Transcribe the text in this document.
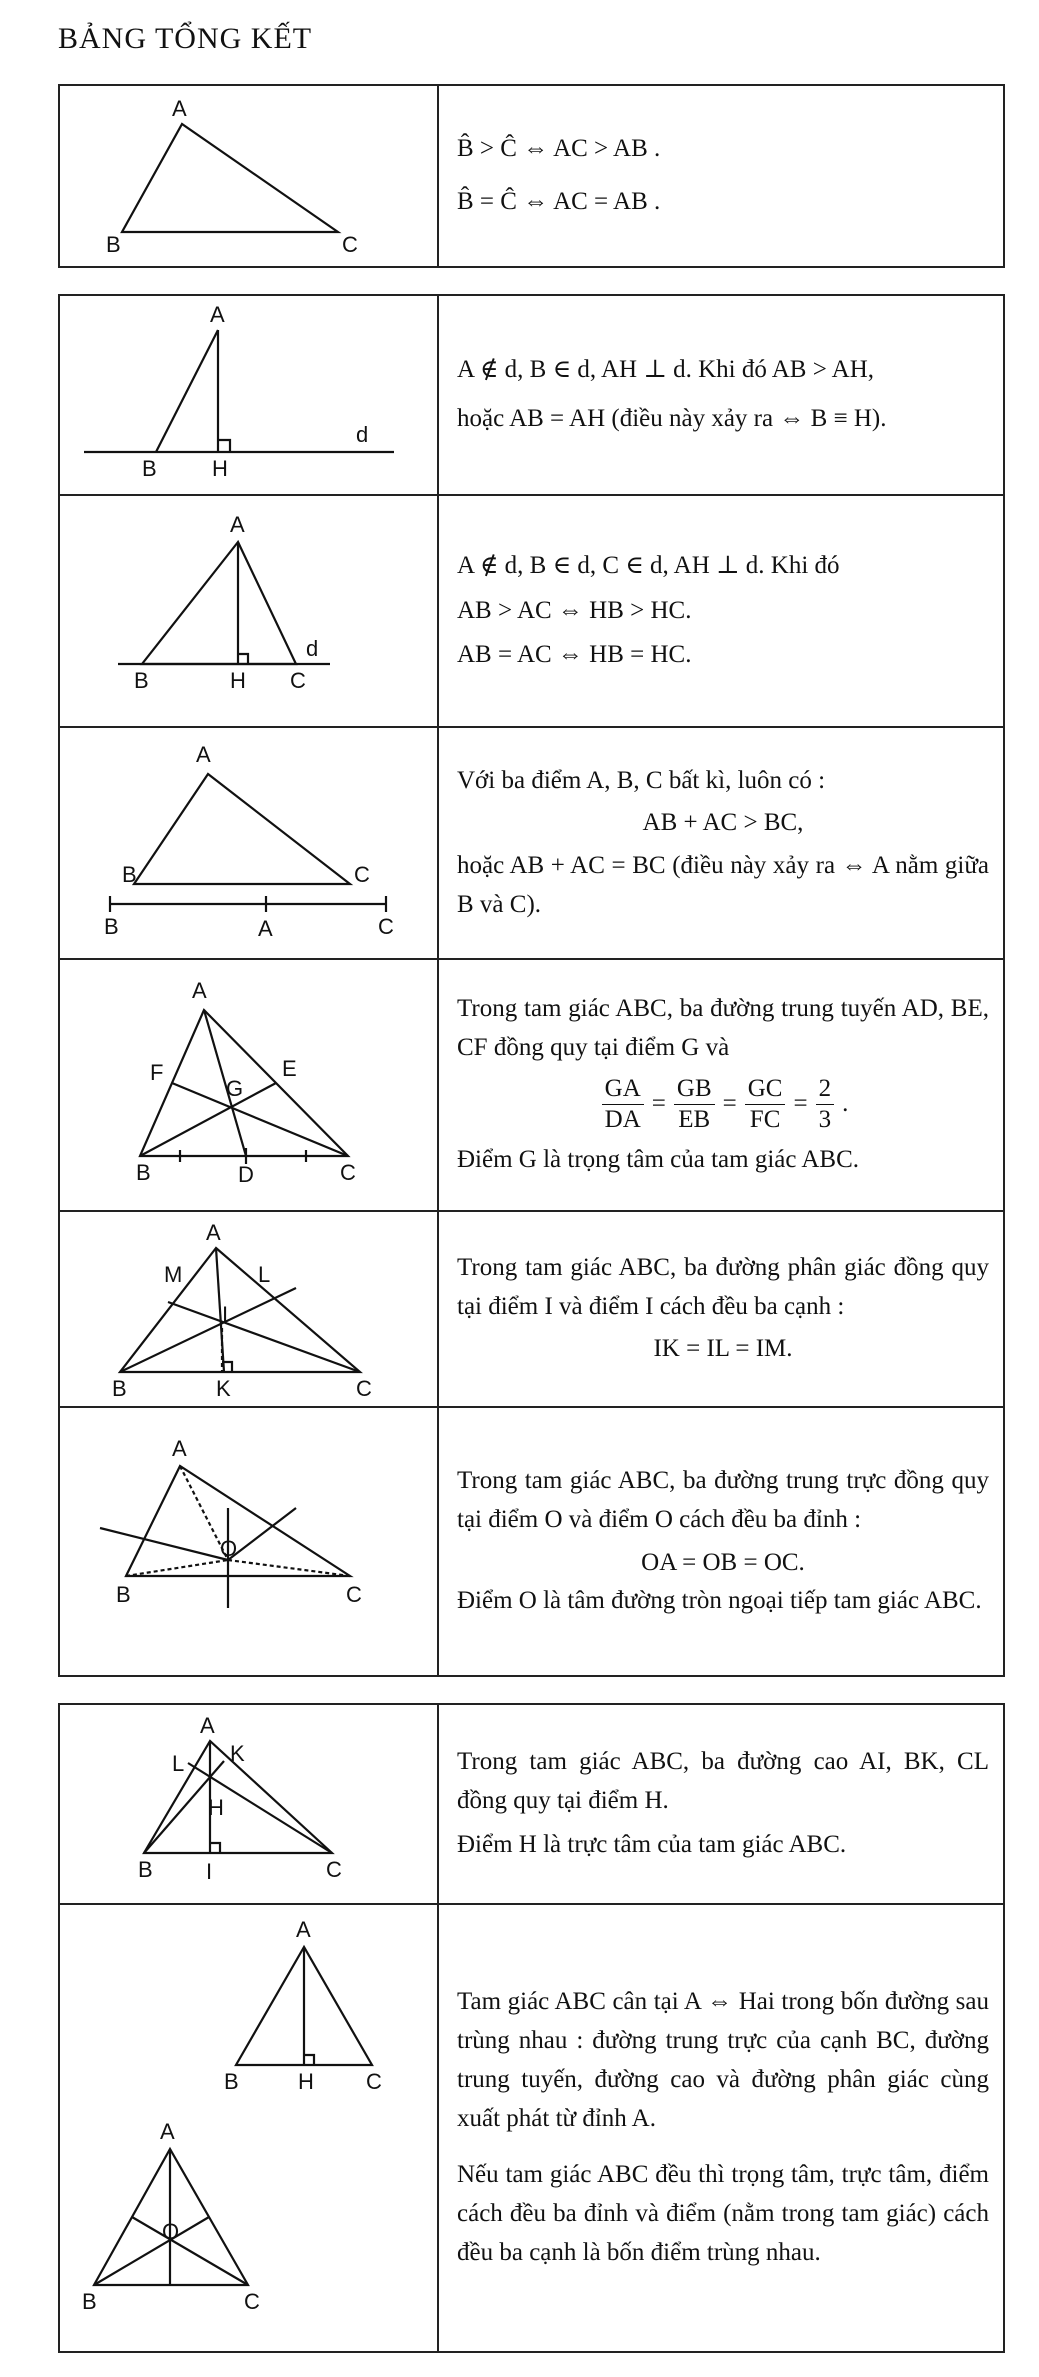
BẢNG TỔNG KẾT
A
B	C

B̂ > Ĉ ⇔ AC > AB .

B̂ = Ĉ ⇔ AC = AB .

A
B	H
d

A ∉ d, B ∈ d, AH ⊥ d. Khi đó AB > AH,

hoặc AB = AH (điều này xảy ra ⇔ B ≡ H).

A
B	H C
d

A ∉ d, B ∈ d, C ∈ d, AH ⊥ d. Khi đó

AB > AC ⇔ HB > HC.

AB = AC ⇔ HB = HC.

A
B	C
B	A	C

Với ba điểm A, B, C bất kì, luôn có :

AB + AC > BC,

hoặc AB + AC = BC (điều này xảy ra ⇔ A nằm giữa B và C).

A
B	D	C
E
F
G

Trong tam giác ABC, ba đường trung tuyến AD, BE, CF đồng quy tại điểm G và

$\frac{GA}{DA} = \frac{GB}{EB} = \frac{GC}{FC} = \frac{2}{3}$ .

Điểm G là trọng tâm của tam giác ABC.

A
M	L
I
B	K	C

Trong tam giác ABC, ba đường phân giác đồng quy tại điểm I và điểm I cách đều ba cạnh :

IK = IL = IM.

A
O
B	C

Trong tam giác ABC, ba đường trung trực đồng quy tại điểm O và điểm O cách đều ba đỉnh :

OA = OB = OC.

Điểm O là tâm đường tròn ngoại tiếp tam giác ABC.

A
L K
H
B I	C

Trong tam giác ABC, ba đường cao AI, BK, CL đồng quy tại điểm H.

Điểm H là trực tâm của tam giác ABC.

A
B	H C
A
O
B	C

Tam giác ABC cân tại A ⇔ Hai trong bốn đường sau trùng nhau : đường trung trực của cạnh BC, đường trung tuyến, đường cao và đường phân giác cùng xuất phát từ đỉnh A.

Nếu tam giác ABC đều thì trọng tâm, trực tâm, điểm cách đều ba đỉnh và điểm (nằm trong tam giác) cách đều ba cạnh là bốn điểm trùng nhau.
